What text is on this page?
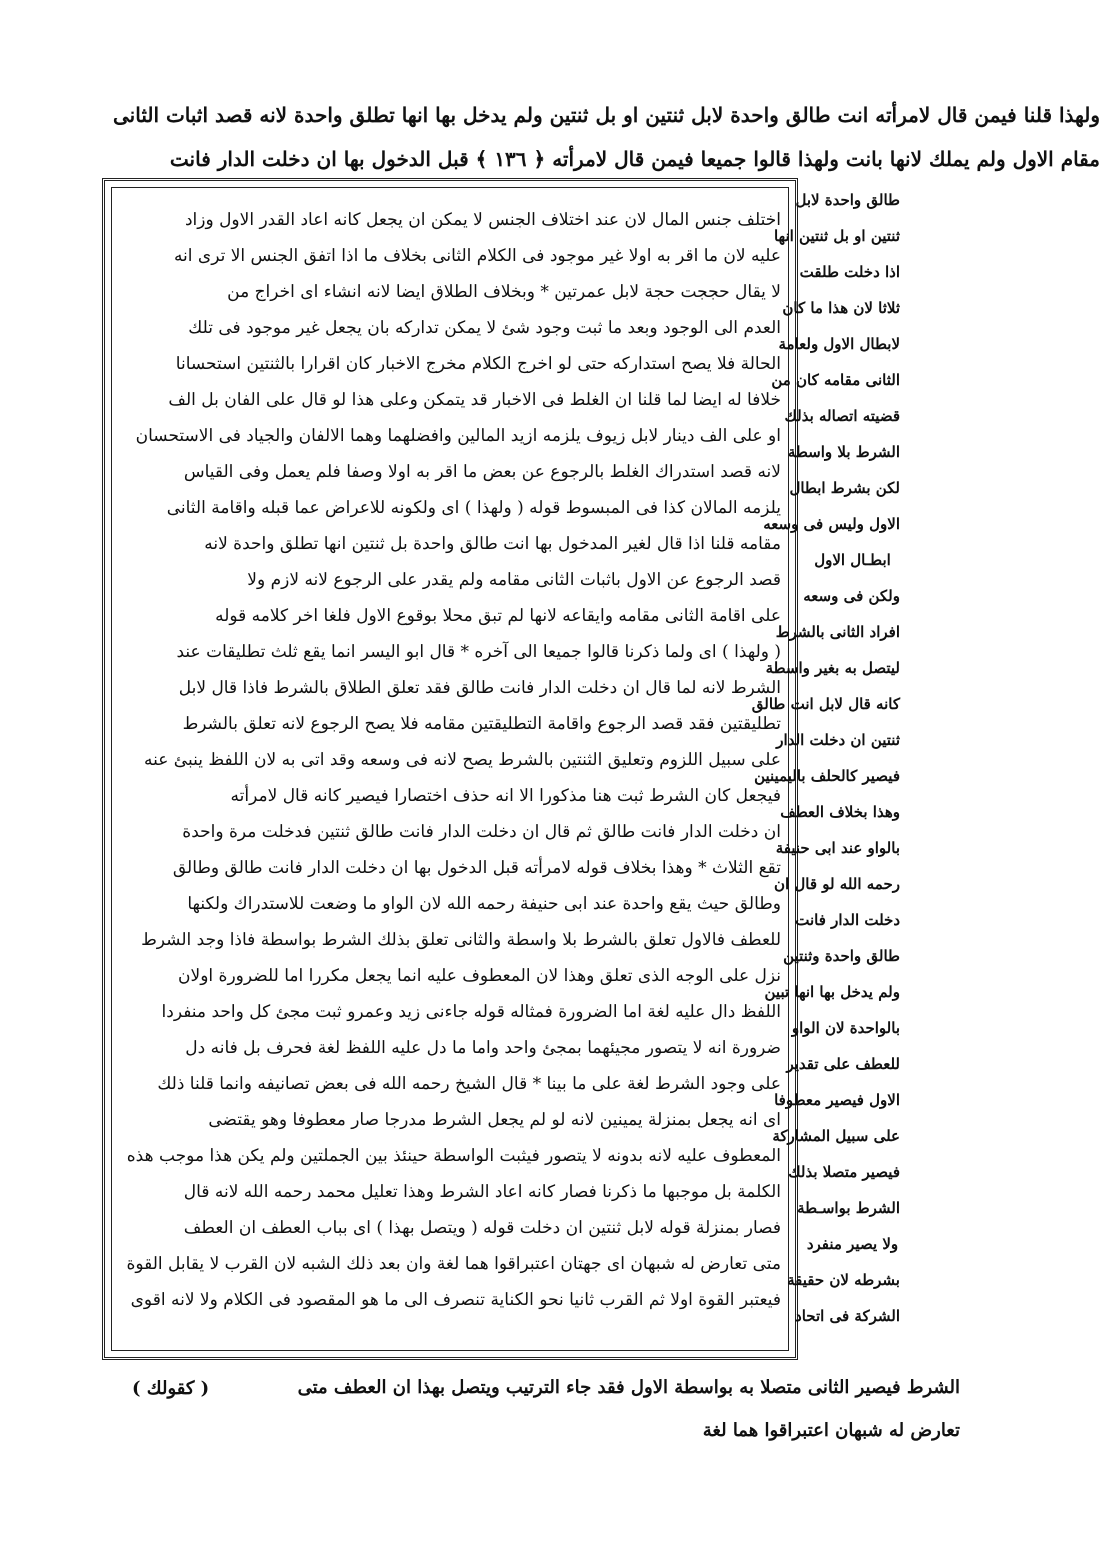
ولهذا قلنا فيمن قال لامرأته انت طالق واحدة لابل ثنتين او بل ثنتين ولم يدخل بها انها تطلق واحدة لانه قصد اثبات الثانى
مقام الاول ولم يملك لانها بانت ولهذا قالوا جميعا فيمن قال لامرأته ﴿ ١٣٦ ﴾ قبل الدخول بها ان دخلت الدار فانت
اختلف جنس المال لان عند اختلاف الجنس لا يمكن ان يجعل كانه اعاد القدر الاول وزاد
عليه لان ما اقر به اولا غير موجود فى الكلام الثانى بخلاف ما اذا اتفق الجنس الا ترى انه
لا يقال حججت حجة لابل عمرتين * وبخلاف الطلاق ايضا لانه انشاء اى اخراج من
العدم الى الوجود وبعد ما ثبت وجود شئ لا يمكن تداركه بان يجعل غير موجود فى تلك
الحالة فلا يصح استداركه حتى لو اخرج الكلام مخرج الاخبار كان اقرارا بالثنتين استحسانا
خلافا له ايضا لما قلنا ان الغلط فى الاخبار قد يتمكن وعلى هذا لو قال على الفان بل الف
او على الف دينار لابل زيوف يلزمه ازيد المالين وافضلهما وهما الالفان والجياد فى الاستحسان
لانه قصد استدراك الغلط بالرجوع عن بعض ما اقر به اولا وصفا فلم يعمل وفى القياس
يلزمه المالان كذا فى المبسوط قوله ( ولهذا ) اى ولكونه للاعراض عما قبله واقامة الثانى
مقامه قلنا اذا قال لغير المدخول بها انت طالق واحدة بل ثنتين انها تطلق واحدة لانه
قصد الرجوع عن الاول باثبات الثانى مقامه ولم يقدر على الرجوع لانه لازم ولا
على اقامة الثانى مقامه وايقاعه لانها لم تبق محلا بوقوع الاول فلغا اخر كلامه قوله
( ولهذا ) اى ولما ذكرنا قالوا جميعا الى آخره * قال ابو اليسر انما يقع ثلث تطليقات عند
الشرط لانه لما قال ان دخلت الدار فانت طالق فقد تعلق الطلاق بالشرط فاذا قال لابل
تطليقتين فقد قصد الرجوع واقامة التطليقتين مقامه فلا يصح الرجوع لانه تعلق بالشرط
على سبيل اللزوم وتعليق الثنتين بالشرط يصح لانه فى وسعه وقد اتى به لان اللفظ ينبئ عنه
فيجعل كان الشرط ثبت هنا مذكورا الا انه حذف اختصارا فيصير كانه قال لامرأته
ان دخلت الدار فانت طالق ثم قال ان دخلت الدار فانت طالق ثنتين فدخلت مرة واحدة
تقع الثلاث * وهذا بخلاف قوله لامرأته قبل الدخول بها ان دخلت الدار فانت طالق وطالق
وطالق حيث يقع واحدة عند ابى حنيفة رحمه الله لان الواو ما وضعت للاستدراك ولكنها
للعطف فالاول تعلق بالشرط بلا واسطة والثانى تعلق بذلك الشرط بواسطة فاذا وجد الشرط
نزل على الوجه الذى تعلق وهذا لان المعطوف عليه انما يجعل مكررا اما للضرورة اولان
اللفظ دال عليه لغة اما الضرورة فمثاله قوله جاءنى زيد وعمرو ثبت مجئ كل واحد منفردا
ضرورة انه لا يتصور مجيئهما بمجئ واحد واما ما دل عليه اللفظ لغة فحرف بل فانه دل
على وجود الشرط لغة على ما بينا * قال الشيخ رحمه الله فى بعض تصانيفه وانما قلنا ذلك
اى انه يجعل بمنزلة يمينين لانه لو لم يجعل الشرط مدرجا صار معطوفا وهو يقتضى
المعطوف عليه لانه بدونه لا يتصور فيثبت الواسطة حينئذ بين الجملتين ولم يكن هذا موجب هذه
الكلمة بل موجبها ما ذكرنا فصار كانه اعاد الشرط وهذا تعليل محمد رحمه الله لانه قال
فصار بمنزلة قوله لابل ثنتين ان دخلت قوله ( ويتصل بهذا ) اى بباب العطف ان العطف
متى تعارض له شبهان اى جهتان اعتبراقوا هما لغة وان بعد ذلك الشبه لان القرب لا يقابل القوة
فيعتبر القوة اولا ثم القرب ثانيا نحو الكناية تنصرف الى ما هو المقصود فى الكلام ولا لانه اقوى
طالق واحدة لابل
ثنتين او بل ثنتين انها
اذا دخلت طلقت
ثلاثا لان هذا ما كان
لابطال الاول ولعامة
الثانى مقامه كان من
قضيته اتصاله بذلك
الشرط بلا واسطة
لكن بشرط ابطال
الاول وليس فى وسعه
ابطـال الاول
ولكن فى وسعه
افراد الثانى بالشرط
ليتصل به بغير واسطة
كانه قال لابل انت طالق
ثنتين ان دخلت الدار
فيصير كالحلف باليمينين
وهذا بخلاف العطف
بالواو عند ابى حنيفة
رحمه الله لو قال ان
دخلت الدار فانت
طالق واحدة وثنتين
ولم يدخل بها انها تبين
بالواحدة لان الواو
للعطف على تقدير
الاول فيصير معطوفا
على سبيل المشاركة
فيصير متصلا بذلك
الشرط بواسـطة
ولا يصير منفرد
بشرطه لان حقيقة
الشركة فى اتحاد
الشرط فيصير الثانى متصلا به بواسطة الاول فقد جاء الترتيب ويتصل بهذا ان العطف متى
تعارض له شبهان اعتبراقوا هما لغة
( كقولك )
